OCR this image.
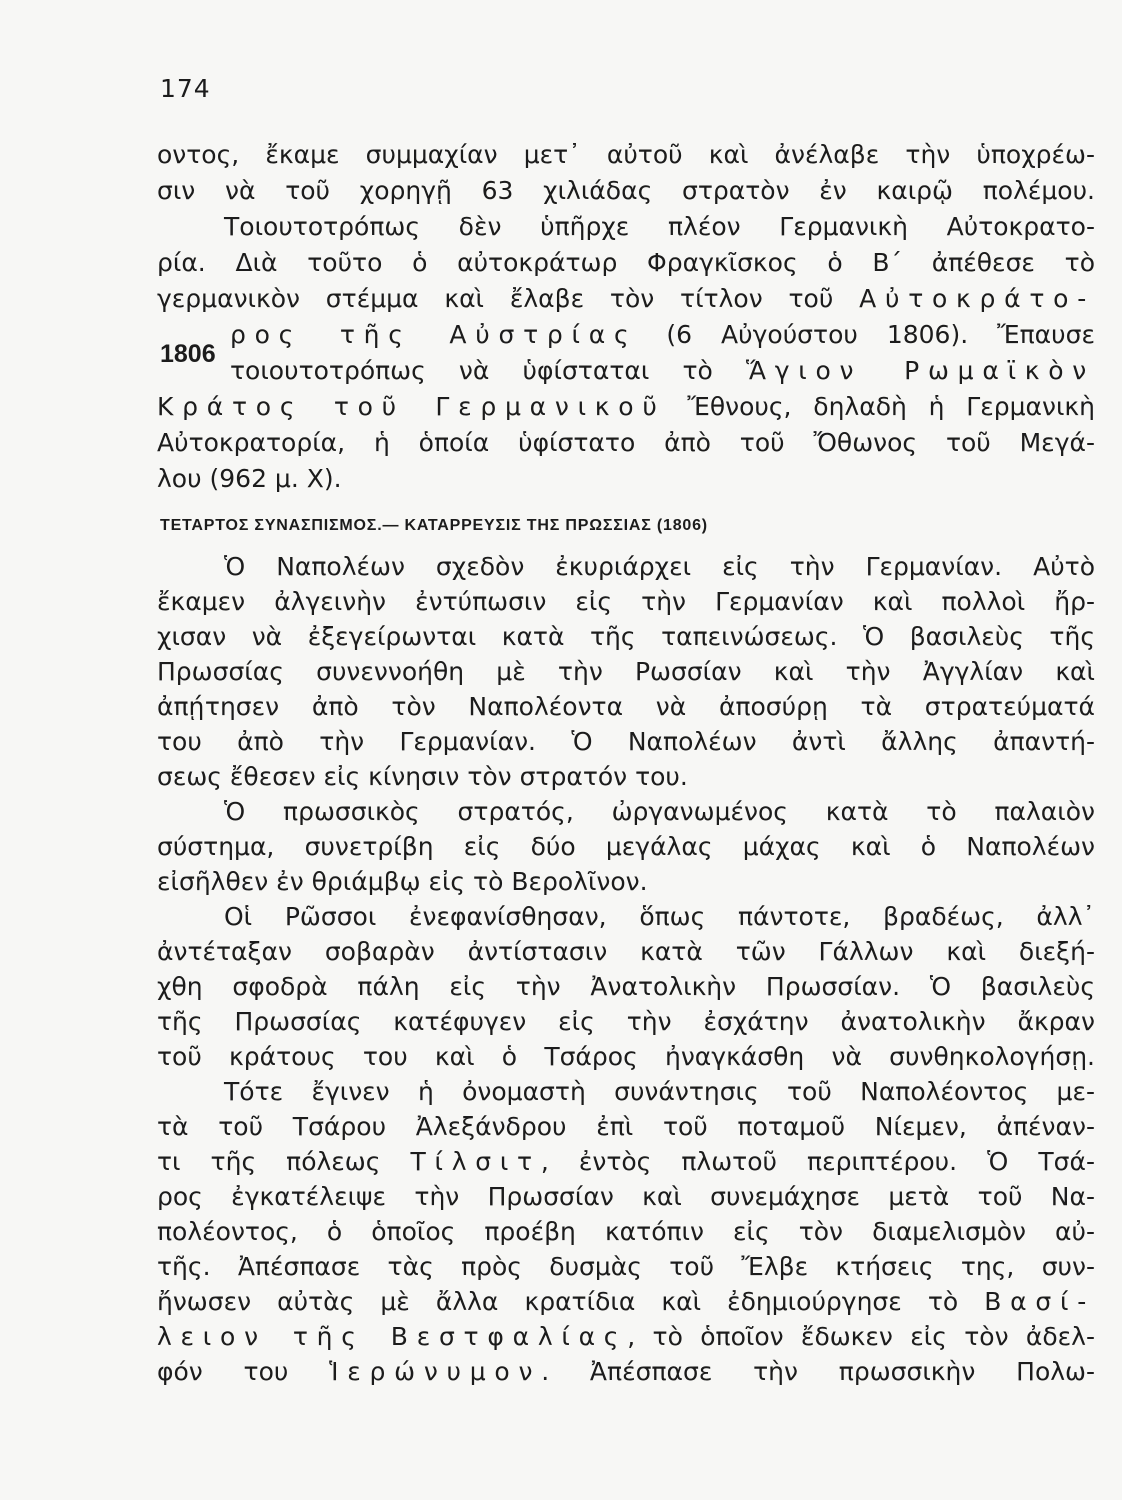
174
1806
οντος, ἔκαμε συμμαχίαν μετ᾽ αὐτοῦ καὶ ἀνέλαβε τὴν ὑποχρέω-
σιν νὰ τοῦ χορηγῇ 63 χιλιάδας στρατὸν ἐν καιρῷ πολέμου.
Τοιουτοτρόπως δὲν ὑπῆρχε πλέον Γερμανικὴ Αὐτοκρατο-
ρία. Διὰ τοῦτο ὁ αὐτοκράτωρ Φραγκῖσκος ὁ Β΄ ἀπέθεσε τὸ
γερμανικὸν στέμμα καὶ ἔλαβε τὸν τίτλον τοῦ Αὐτοκράτο-
ρος τῆς Αὐστρίας (6 Αὐγούστου 1806). Ἔπαυσε
τοιουτοτρόπως νὰ ὑφίσταται τὸ Ἅγιον Ρωμαϊκὸν
Κράτος τοῦ Γερμανικοῦ Ἔθνους, δηλαδὴ ἡ Γερμανικὴ
Αὐτοκρατορία, ἡ ὁποία ὑφίστατο ἀπὸ τοῦ Ὄθωνος τοῦ Μεγά-
λου (962 μ. Χ).
ΤΕΤΑΡΤΟΣ ΣΥΝΑΣΠΙΣΜΟΣ.— ΚΑΤΑΡΡΕΥΣΙΣ ΤΗΣ ΠΡΩΣΣΙΑΣ (1806)
Ὁ Ναπολέων σχεδὸν ἐκυριάρχει εἰς τὴν Γερμανίαν. Αὐτὸ
ἔκαμεν ἀλγεινὴν ἐντύπωσιν εἰς τὴν Γερμανίαν καὶ πολλοὶ ἤρ-
χισαν νὰ ἐξεγείρωνται κατὰ τῆς ταπεινώσεως. Ὁ βασιλεὺς τῆς
Πρωσσίας συνεννοήθη μὲ τὴν Ρωσσίαν καὶ τὴν Ἀγγλίαν καὶ
ἀπῄτησεν ἀπὸ τὸν Ναπολέοντα νὰ ἀποσύρῃ τὰ στρατεύματά
του ἀπὸ τὴν Γερμανίαν. Ὁ Ναπολέων ἀντὶ ἄλλης ἀπαντή-
σεως ἔθεσεν εἰς κίνησιν τὸν στρατόν του.
Ὁ πρωσσικὸς στρατός, ὠργανωμένος κατὰ τὸ παλαιὸν
σύστημα, συνετρίβη εἰς δύο μεγάλας μάχας καὶ ὁ Ναπολέων
εἰσῆλθεν ἐν θριάμβῳ εἰς τὸ Βερολῖνον.
Οἱ Ρῶσσοι ἐνεφανίσθησαν, ὅπως πάντοτε, βραδέως, ἀλλ᾽
ἀντέταξαν σοβαρὰν ἀντίστασιν κατὰ τῶν Γάλλων καὶ διεξή-
χθη σφοδρὰ πάλη εἰς τὴν Ἀνατολικὴν Πρωσσίαν. Ὁ βασιλεὺς
τῆς Πρωσσίας κατέφυγεν εἰς τὴν ἐσχάτην ἀνατολικὴν ἄκραν
τοῦ κράτους του καὶ ὁ Τσάρος ἠναγκάσθη νὰ συνθηκολογήσῃ.
Τότε ἔγινεν ἡ ὀνομαστὴ συνάντησις τοῦ Ναπολέοντος με-
τὰ τοῦ Τσάρου Ἀλεξάνδρου ἐπὶ τοῦ ποταμοῦ Νίεμεν, ἀπέναν-
τι τῆς πόλεως Τίλσιτ, ἐντὸς πλωτοῦ περιπτέρου. Ὁ Τσά-
ρος ἐγκατέλειψε τὴν Πρωσσίαν καὶ συνεμάχησε μετὰ τοῦ Να-
πολέοντος, ὁ ὁποῖος προέβη κατόπιν εἰς τὸν διαμελισμὸν αὐ-
τῆς. Ἀπέσπασε τὰς πρὸς δυσμὰς τοῦ Ἔλβε κτήσεις της, συν-
ἤνωσεν αὐτὰς μὲ ἄλλα κρατίδια καὶ ἐδημιούργησε τὸ Βασί-
λειον τῆς Βεστφαλίας, τὸ ὁποῖον ἔδωκεν εἰς τὸν ἀδελ-
φόν του Ἱερώνυμον. Ἀπέσπασε τὴν πρωσσικὴν Πολω-
